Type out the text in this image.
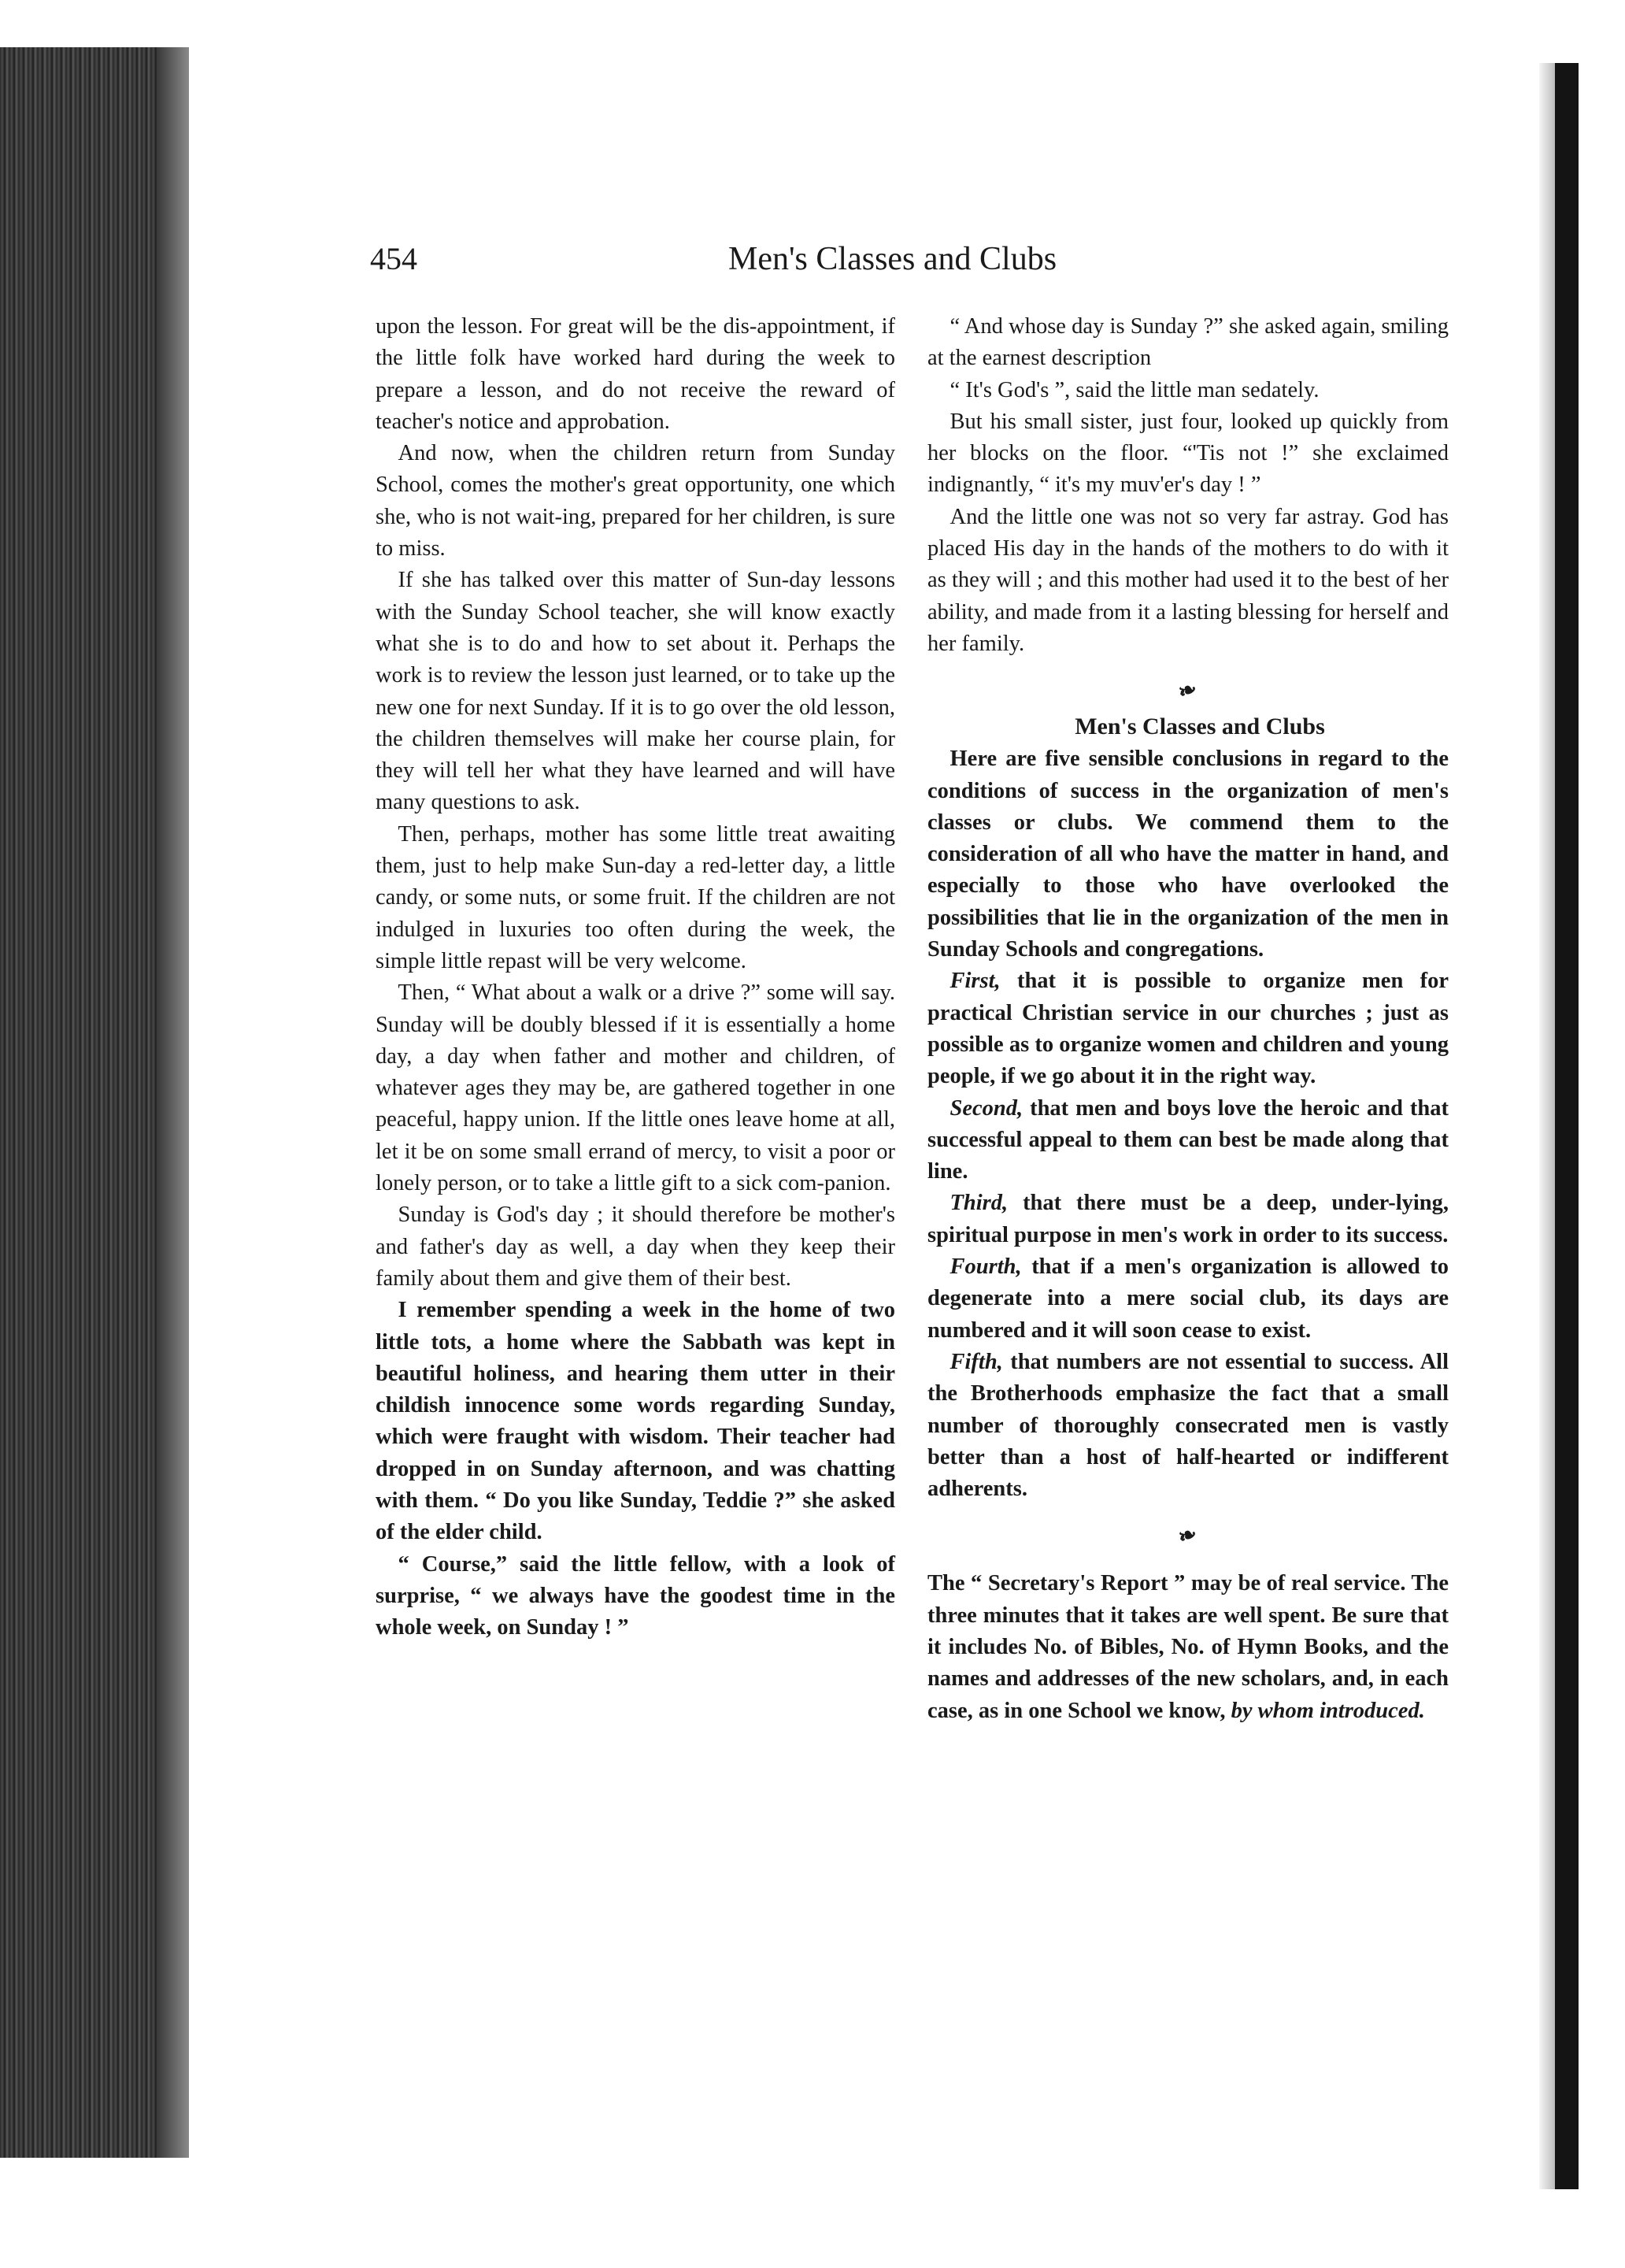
454	Men's Classes and Clubs

upon the lesson. For great will be the dis-appointment, if the little folk have worked hard during the week to prepare a lesson, and do not receive the reward of teacher's notice and approbation.

And now, when the children return from Sunday School, comes the mother's great opportunity, one which she, who is not wait-ing, prepared for her children, is sure to miss.

If she has talked over this matter of Sun-day lessons with the Sunday School teacher, she will know exactly what she is to do and how to set about it. Perhaps the work is to review the lesson just learned, or to take up the new one for next Sunday. If it is to go over the old lesson, the children themselves will make her course plain, for they will tell her what they have learned and will have many questions to ask.

Then, perhaps, mother has some little treat awaiting them, just to help make Sun-day a red-letter day, a little candy, or some nuts, or some fruit. If the children are not indulged in luxuries too often during the week, the simple little repast will be very welcome.

Then, “ What about a walk or a drive ?” some will say. Sunday will be doubly blessed if it is essentially a home day, a day when father and mother and children, of whatever ages they may be, are gathered together in one peaceful, happy union. If the little ones leave home at all, let it be on some small errand of mercy, to visit a poor or lonely person, or to take a little gift to a sick com-panion.

Sunday is God's day ; it should therefore be mother's and father's day as well, a day when they keep their family about them and give them of their best.

I remember spending a week in the home of two little tots, a home where the Sabbath was kept in beautiful holiness, and hearing them utter in their childish innocence some words regarding Sunday, which were fraught with wisdom. Their teacher had dropped in on Sunday afternoon, and was chatting with them. “ Do you like Sunday, Teddie ?” she asked of the elder child.

“ Course,” said the little fellow, with a look of surprise, “ we always have the goodest time in the whole week, on Sunday ! ”

“ And whose day is Sunday ?” she asked again, smiling at the earnest description

“ It's God's ”, said the little man sedately.

But his small sister, just four, looked up quickly from her blocks on the floor. “'Tis not !” she exclaimed indignantly, “ it's my muv'er's day ! ”

And the little one was not so very far astray. God has placed His day in the hands of the mothers to do with it as they will ; and this mother had used it to the best of her ability, and made from it a lasting blessing for herself and her family.

❧

Men's Classes and Clubs

Here are five sensible conclusions in regard to the conditions of success in the organization of men's classes or clubs. We commend them to the consideration of all who have the matter in hand, and especially to those who have overlooked the possibilities that lie in the organization of the men in Sunday Schools and congregations.

First, that it is possible to organize men for practical Christian service in our churches ; just as possible as to organize women and children and young people, if we go about it in the right way.

Second, that men and boys love the heroic and that successful appeal to them can best be made along that line.

Third, that there must be a deep, under-lying, spiritual purpose in men's work in order to its success.

Fourth, that if a men's organization is allowed to degenerate into a mere social club, its days are numbered and it will soon cease to exist.

Fifth, that numbers are not essential to success. All the Brotherhoods emphasize the fact that a small number of thoroughly consecrated men is vastly better than a host of half-hearted or indifferent adherents.

❧

The “ Secretary's Report ” may be of real service. The three minutes that it takes are well spent. Be sure that it includes No. of Bibles, No. of Hymn Books, and the names and addresses of the new scholars, and, in each case, as in one School we know, by whom introduced.
